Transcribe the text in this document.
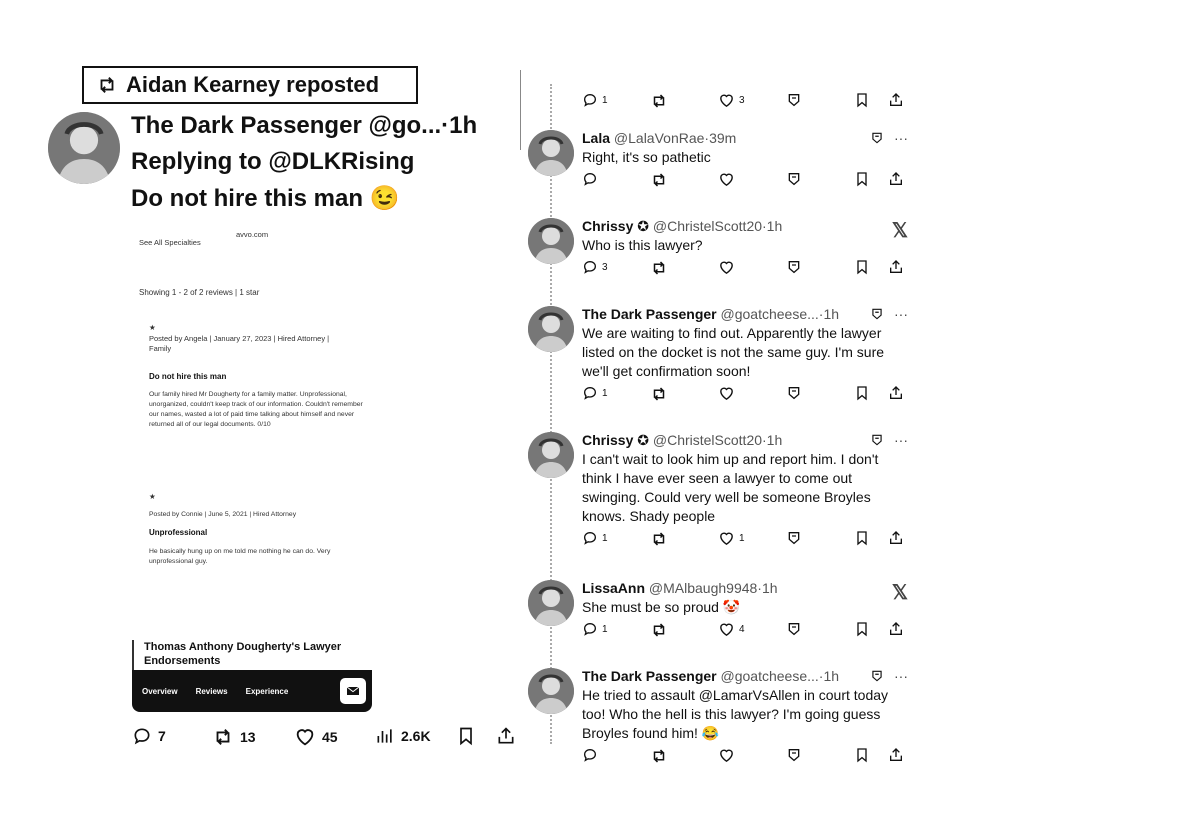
Aidan Kearney reposted
The Dark Passenger @go...·1h
Replying to @DLKRising
Do not hire this man 😉
See All Specialties
avvo.com
Showing 1 - 2 of 2 reviews | 1 star
★
Posted by Angela | January 27, 2023 | Hired Attorney | Family
Do not hire this man
Our family hired Mr Dougherty for a family matter. Unprofessional, unorganized, couldn't keep track of our information. Couldn't remember our names, wasted a lot of paid time talking about himself and never returned all of our legal documents. 0/10
★
Posted by Connie | June 5, 2021 | Hired Attorney
Unprofessional
He basically hung up on me told me nothing he can do. Very unprofessional guy.
Thomas Anthony Dougherty's Lawyer Endorsements
Overview Reviews Experience
7	13	45	2.6K
1	3
Lala @LalaVonRae·39m	···
Right, it's so pathetic
Chrissy ✪ @ChristelScott20·1h	𝕏
Who is this lawyer?
3
The Dark Passenger @goatcheese...·1h	···
We are waiting to find out. Apparently the lawyer listed on the docket is not the same guy. I'm sure we'll get confirmation soon!
1
Chrissy ✪ @ChristelScott20·1h	···
I can't wait to look him up and report him. I don't think I have ever seen a lawyer to come out swinging. Could very well be someone Broyles knows. Shady people
1	1
LissaAnn @MAlbaugh9948·1h	𝕏
She must be so proud 🤡
1	4
The Dark Passenger @goatcheese...·1h	···
He tried to assault @LamarVsAllen in court today too! Who the hell is this lawyer? I'm going guess Broyles found him! 😂
